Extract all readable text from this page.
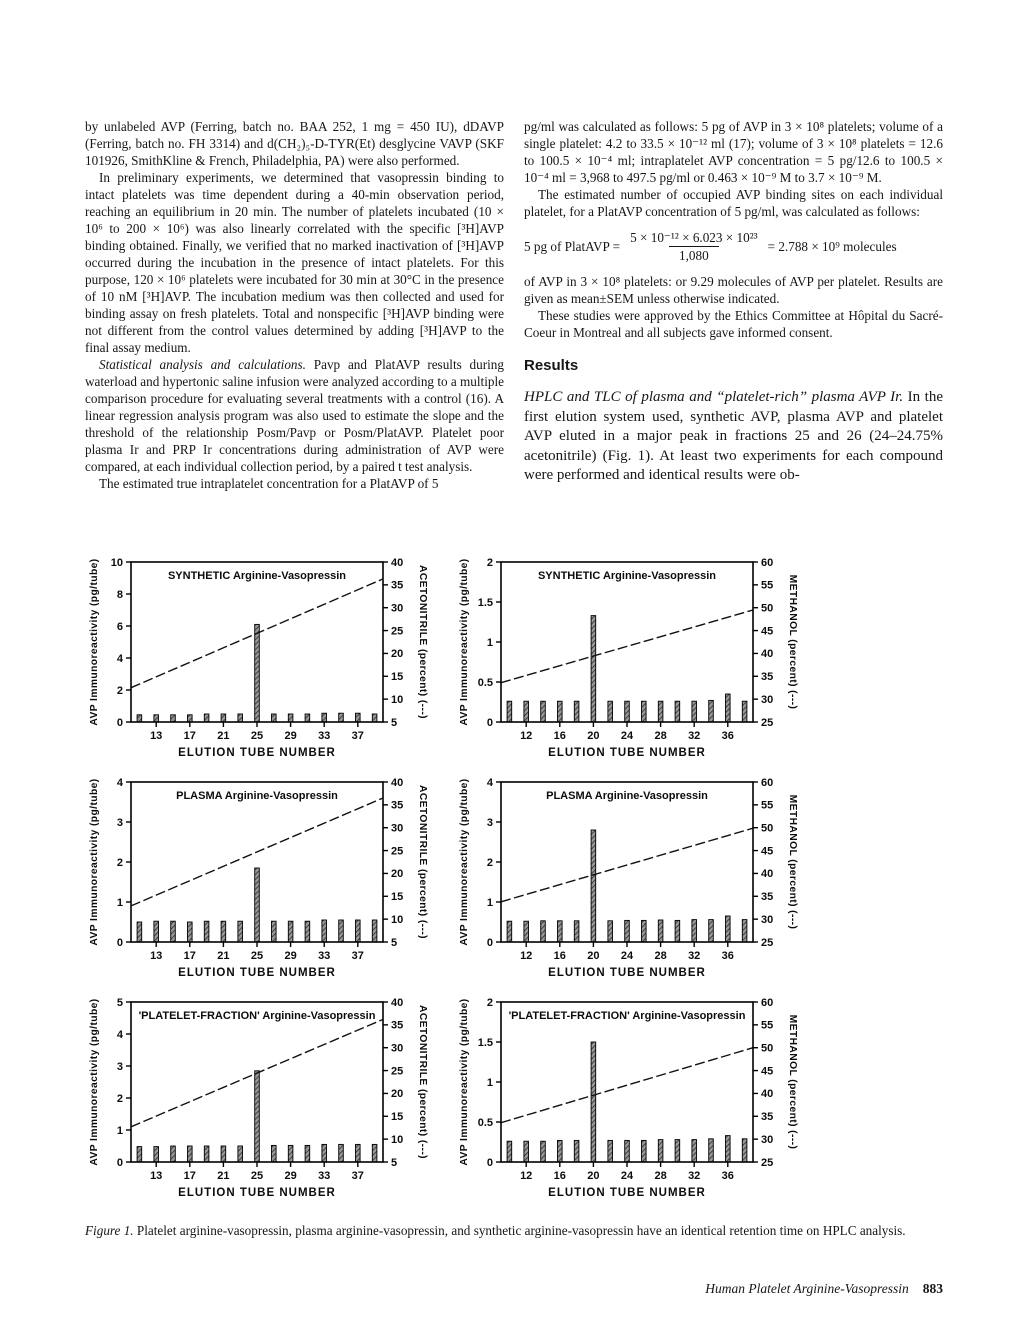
by unlabeled AVP (Ferring, batch no. BAA 252, 1 mg = 450 IU), dDAVP (Ferring, batch no. FH 3314) and d(CH₂)₅-D-TYR(Et) desglycine VAVP (SKF 101926, SmithKline & French, Philadelphia, PA) were also performed.

In preliminary experiments, we determined that vasopressin binding to intact platelets was time dependent during a 40-min observation period, reaching an equilibrium in 20 min. The number of platelets incubated (10 × 10⁶ to 200 × 10⁶) was also linearly correlated with the specific [³H]AVP binding obtained. Finally, we verified that no marked inactivation of [³H]AVP occurred during the incubation in the presence of intact platelets. For this purpose, 120 × 10⁶ platelets were incubated for 30 min at 30°C in the presence of 10 nM [³H]AVP. The incubation medium was then collected and used for binding assay on fresh platelets. Total and nonspecific [³H]AVP binding were not different from the control values determined by adding [³H]AVP to the final assay medium.

Statistical analysis and calculations. Pavp and PlatAVP results during waterload and hypertonic saline infusion were analyzed according to a multiple comparison procedure for evaluating several treatments with a control (16). A linear regression analysis program was also used to estimate the slope and the threshold of the relationship Posm/Pavp or Posm/PlatAVP. Platelet poor plasma Ir and PRP Ir concentrations during administration of AVP were compared, at each individual collection period, by a paired t test analysis.

The estimated true intraplatelet concentration for a PlatAVP of 5

pg/ml was calculated as follows: 5 pg of AVP in 3 × 10⁸ platelets; volume of a single platelet: 4.2 to 33.5 × 10⁻¹² ml (17); volume of 3 × 10⁸ platelets = 12.6 to 100.5 × 10⁻⁴ ml; intraplatelet AVP concentration = 5 pg/12.6 to 100.5 × 10⁻⁴ ml = 3,968 to 497.5 pg/ml or 0.463 × 10⁻⁹ M to 3.7 × 10⁻⁹ M.

The estimated number of occupied AVP binding sites on each individual platelet, for a PlatAVP concentration of 5 pg/ml, was calculated as follows:

5 pg of PlatAVP = $\frac{\text{5 × 10⁻¹² × 6.023 × 10²³}}{1,080} = 2.788 \times 10^9$ molecules

of AVP in 3 × 10⁸ platelets: or 9.29 molecules of AVP per platelet. Results are given as mean±SEM unless otherwise indicated.

These studies were approved by the Ethics Committee at Hôpital du Sacré-Coeur in Montreal and all subjects gave informed consent.

Results

HPLC and TLC of plasma and “platelet-rich” plasma AVP Ir. In the first elution system used, synthetic AVP, plasma AVP and platelet AVP eluted in a major peak in fractions 25 and 26 (24–24.75% acetonitrile) (Fig. 1). At least two experiments for each compound were performed and identical results were ob-

0
2
4
6
8
10
5
10
15
20
25
30
35
40
13 17 21 25 29 33 37
SYNTHETIC Arginine-Vasopressin
AVP Immunoreactivity (pg/tube)	ACETONITRILE (percent) (---)
ELUTION TUBE NUMBER
0
0.5
1
1.5
2
25
30
35
40
45
50
55
60
12 16 20 24 28 32 36
SYNTHETIC Arginine-Vasopressin
AVP Immunoreactivity (pg/tube)	METHANOL (percent) (---)
ELUTION TUBE NUMBER
0
1
2
3
4
5
10
15
20
25
30
35
40
13 17 21 25 29 33 37
PLASMA Arginine-Vasopressin
AVP Immunoreactivity (pg/tube)	ACETONITRILE (percent) (---)
ELUTION TUBE NUMBER
0
1
2
3
4
25
30
35
40
45
50
55
60
12 16 20 24 28 32 36
PLASMA Arginine-Vasopressin
AVP Immunoreactivity (pg/tube)	METHANOL (percent) (---)
ELUTION TUBE NUMBER
0
1
2
3
4
5
5
10
15
20
25
30
35
40
13 17 21 25 29 33 37
'PLATELET-FRACTION' Arginine-Vasopressin
AVP Immunoreactivity (pg/tube)	ACETONITRILE (percent) (---)
ELUTION TUBE NUMBER
0
0.5
1
1.5
2
25
30
35
40
45
50
55
60
12 16 20 24 28 32 36
'PLATELET-FRACTION' Arginine-Vasopressin
AVP Immunoreactivity (pg/tube)	METHANOL (percent) (---)
ELUTION TUBE NUMBER
Figure 1. Platelet arginine-vasopressin, plasma arginine-vasopressin, and synthetic arginine-vasopressin have an identical retention time on HPLC analysis.
Human Platelet Arginine-Vasopressin 883
